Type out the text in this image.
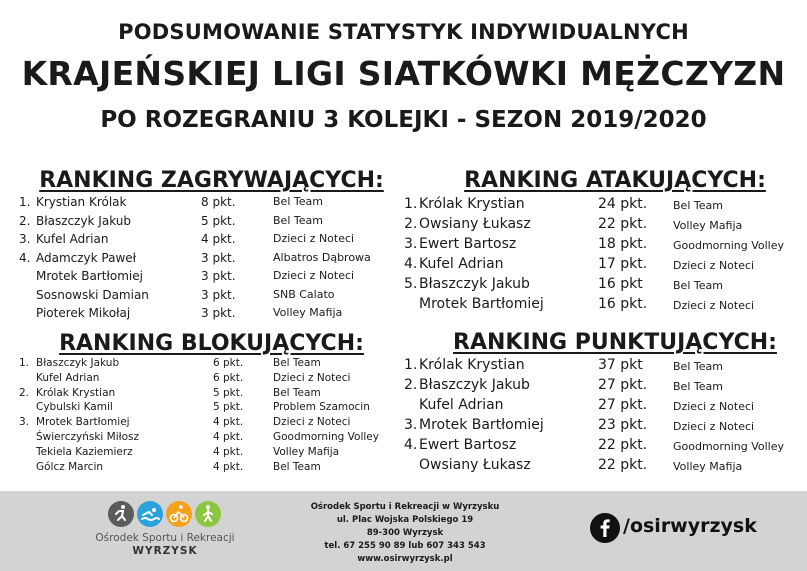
PODSUMOWANIE STATYSTYK INDYWIDUALNYCH
KRAJEŃSKIEJ LIGI SIATKÓWKI MĘŻCZYZN
PO ROZEGRANIU 3 KOLEJKI - SEZON 2019/2020
RANKING ZAGRYWAJĄCYCH:
1. Krystian Królak	8 pkt.	Bel Team
2. Błaszczyk Jakub	5 pkt.	Bel Team
3. Kufel Adrian	4 pkt.	Dzieci z Noteci
4. Adamczyk Paweł	3 pkt.	Albatros Dąbrowa
Mrotek Bartłomiej	3 pkt.	Dzieci z Noteci
Sosnowski Damian	3 pkt.	SNB Calato
Pioterek Mikołaj	3 pkt.	Volley Mafija
RANKING BLOKUJĄCYCH:
1. Błaszczyk Jakub	6 pkt.	Bel Team
Kufel Adrian	6 pkt.	Dzieci z Noteci
2. Królak Krystian	5 pkt.	Bel Team
Cybulski Kamil	5 pkt.	Problem Szamocin
3. Mrotek Bartłomiej	4 pkt.	Dzieci z Noteci
Świerczyński Miłosz	4 pkt.	Goodmorning Volley
Tekiela Kaziemierz	4 pkt.	Volley Mafija
Gólcz Marcin	4 pkt.	Bel Team
RANKING ATAKUJĄCYCH:
1. Królak Krystian	24 pkt. Bel Team
2. Owsiany Łukasz	22 pkt. Volley Mafija
3. Ewert Bartosz	18 pkt. Goodmorning Volley
4. Kufel Adrian	17 pkt. Dzieci z Noteci
5. Błaszczyk Jakub	16 pkt	Bel Team
Mrotek Bartłomiej	16 pkt. Dzieci z Noteci
RANKING PUNKTUJĄCYCH:
1. Królak Krystian	37 pkt	Bel Team
2. Błaszczyk Jakub	27 pkt. Bel Team
Kufel Adrian	27 pkt. Dzieci z Noteci
3. Mrotek Bartłomiej	23 pkt. Dzieci z Noteci
4. Ewert Bartosz	22 pkt. Goodmorning Volley
Owsiany Łukasz	22 pkt. Volley Mafija
Ośrodek Sportu i Rekreacji
WYRZYSK
Ośrodek Sportu i Rekreacji w Wyrzysku
ul. Plac Wojska Polskiego 19
89-300 Wyrzysk
tel. 67 255 90 89 lub 607 343 543
www.osirwyrzysk.pl
/osirwyrzysk
